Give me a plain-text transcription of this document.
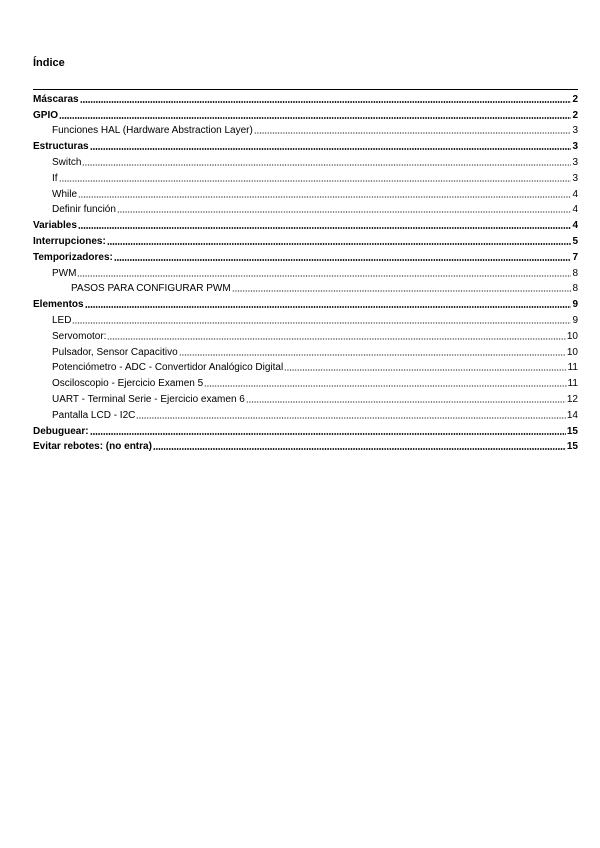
Índice
Máscaras	2
GPIO	2
Funciones HAL (Hardware Abstraction Layer)	3
Estructuras	3
Switch	3
If	3
While	4
Definir función	4
Variables	4
Interrupciones:	5
Temporizadores:	7
PWM	8
PASOS PARA CONFIGURAR PWM	8
Elementos	9
LED	9
Servomotor:	10
Pulsador, Sensor Capacitivo	10
Potenciómetro - ADC - Convertidor Analógico Digital	11
Osciloscopio - Ejercicio Examen 5	11
UART - Terminal Serie - Ejercicio examen 6	12
Pantalla LCD - I2C	14
Debuguear:	15
Evitar rebotes: (no entra)	15
